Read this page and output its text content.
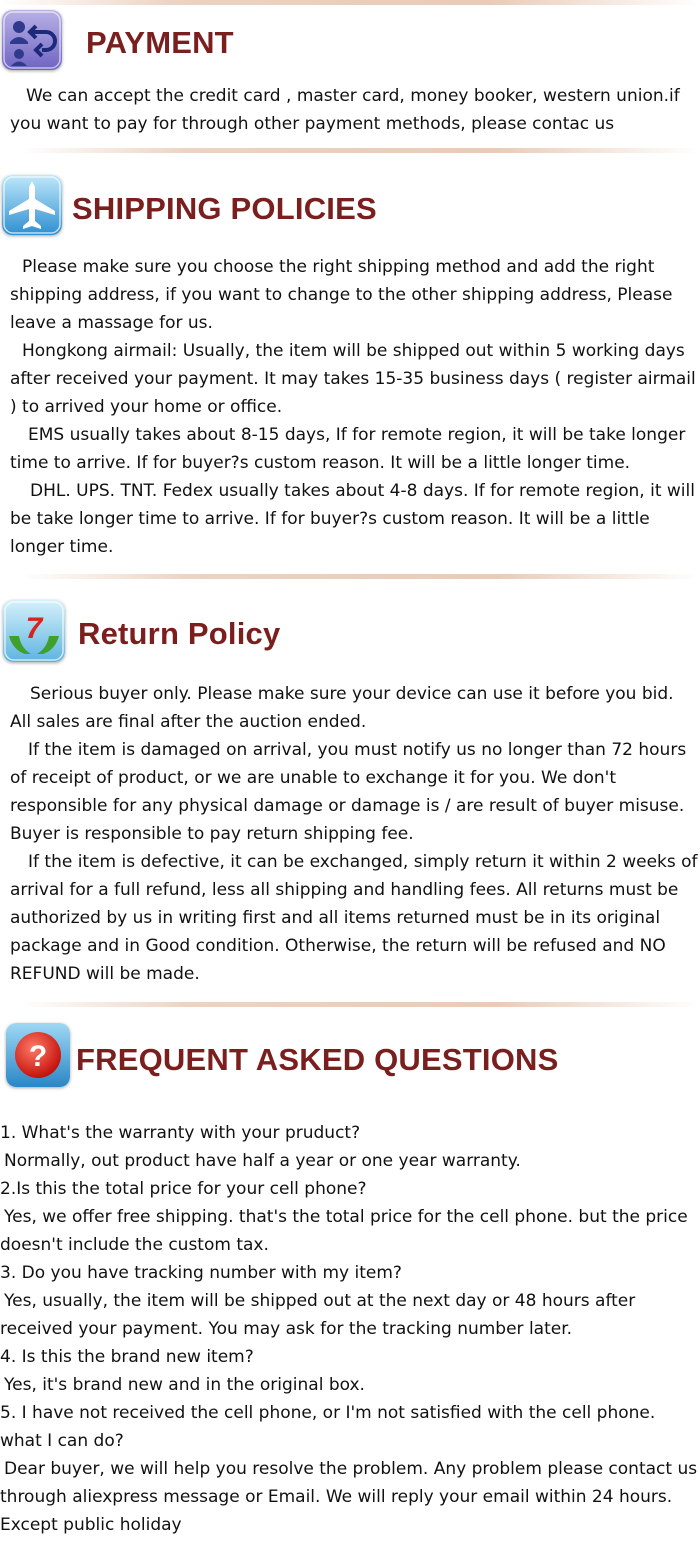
PAYMENT

We can accept the credit card , master card, money booker, western union.if you want to pay for through other payment methods, please contac us

SHIPPING POLICIES

Please make sure you choose the right shipping method and add the right shipping address, if you want to change to the other shipping address, Please leave a massage for us.

Hongkong airmail: Usually, the item will be shipped out within 5 working days after received your payment. It may takes 15-35 business days ( register airmail ) to arrived your home or office.

EMS usually takes about 8-15 days, If for remote region, it will be take longer time to arrive. If for buyer?s custom reason. It will be a little longer time.

DHL. UPS. TNT. Fedex usually takes about 4-8 days. If for remote region, it will be take longer time to arrive. If for buyer?s custom reason. It will be a little longer time.

7 Return Policy

Serious buyer only. Please make sure your device can use it before you bid. All sales are final after the auction ended.

If the item is damaged on arrival, you must notify us no longer than 72 hours of receipt of product, or we are unable to exchange it for you. We don't responsible for any physical damage or damage is / are result of buyer misuse. Buyer is responsible to pay return shipping fee.

If the item is defective, it can be exchanged, simply return it within 2 weeks of arrival for a full refund, less all shipping and handling fees. All returns must be authorized by us in writing first and all items returned must be in its original package and in Good condition. Otherwise, the return will be refused and NO REFUND will be made.

? FREQUENT ASKED QUESTIONS

1. What's the warranty with your pruduct?

Normally, out product have half a year or one year warranty.

2.Is this the total price for your cell phone?

Yes, we offer free shipping. that's the total price for the cell phone. but the price doesn't include the custom tax.

3. Do you have tracking number with my item?

Yes, usually, the item will be shipped out at the next day or 48 hours after received your payment. You may ask for the tracking number later.

4. Is this the brand new item?

Yes, it's brand new and in the original box.

5. I have not received the cell phone, or I'm not satisfied with the cell phone. what I can do?

Dear buyer, we will help you resolve the problem. Any problem please contact us through aliexpress message or Email. We will reply your email within 24 hours. Except public holiday
